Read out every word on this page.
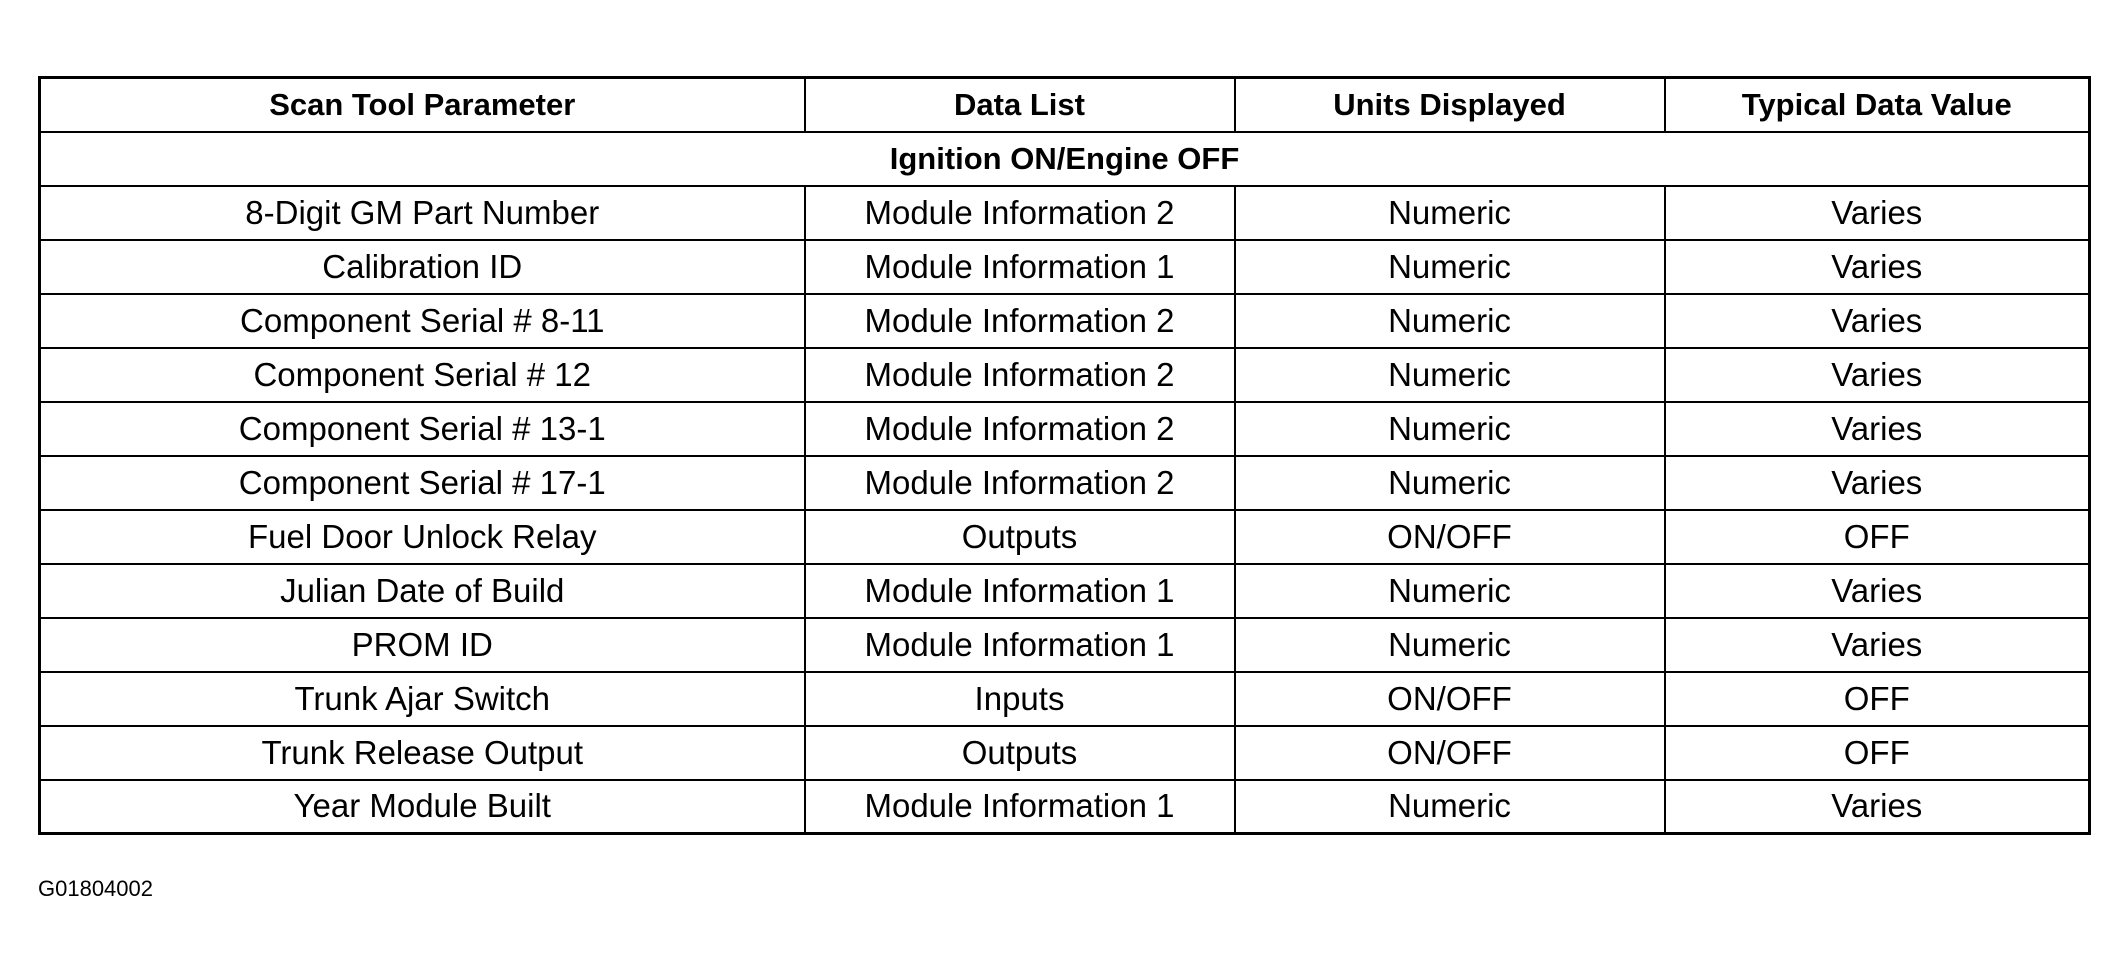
Scan Tool Parameter	Data List	Units Displayed	Typical Data Value
Ignition ON/Engine OFF			
8-Digit GM Part Number	Module Information 2	Numeric	Varies
Calibration ID	Module Information 1	Numeric	Varies
Component Serial # 8-11	Module Information 2	Numeric	Varies
Component Serial # 12	Module Information 2	Numeric	Varies
Component Serial # 13-1	Module Information 2	Numeric	Varies
Component Serial # 17-1	Module Information 2	Numeric	Varies
Fuel Door Unlock Relay	Outputs	ON/OFF	OFF
Julian Date of Build	Module Information 1	Numeric	Varies
PROM ID	Module Information 1	Numeric	Varies
Trunk Ajar Switch	Inputs	ON/OFF	OFF
Trunk Release Output	Outputs	ON/OFF	OFF
Year Module Built	Module Information 1	Numeric	Varies
G01804002
